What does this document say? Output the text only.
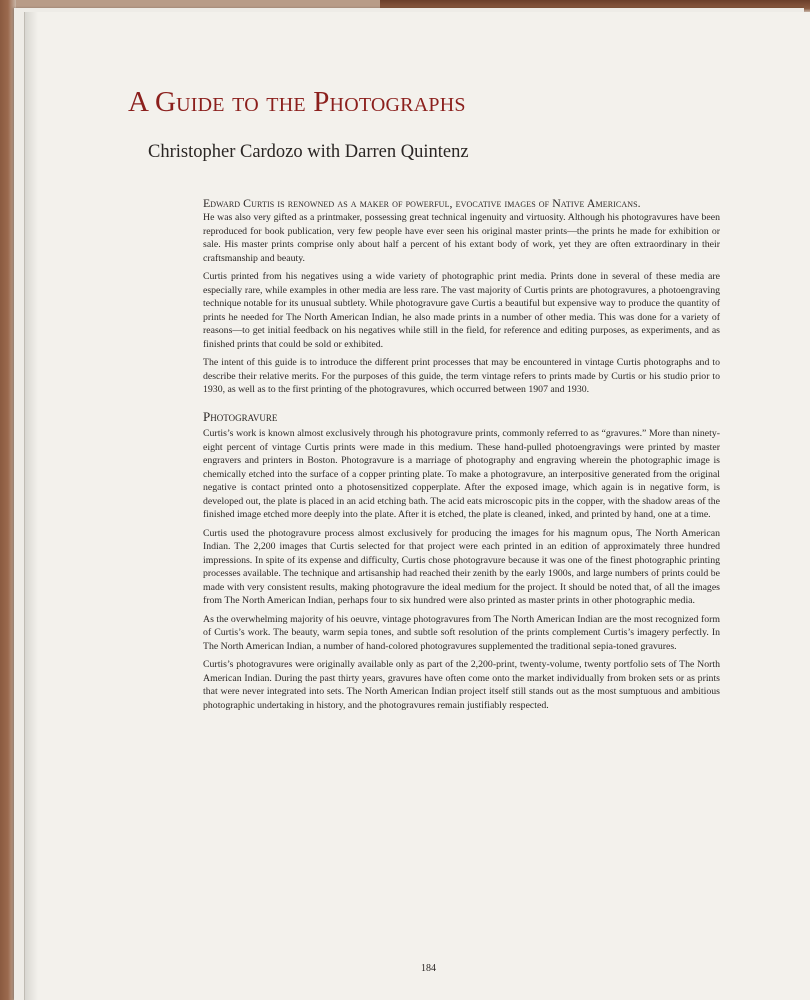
A Guide to the Photographs
Christopher Cardozo with Darren Quintenz

Edward Curtis is renowned as a maker of powerful, evocative images of Native Americans.

He was also very gifted as a printmaker, possessing great technical ingenuity and virtuosity. Although his photogravures have been reproduced for book publication, very few people have ever seen his original master prints—the prints he made for exhibition or sale. His master prints comprise only about half a percent of his extant body of work, yet they are often extraordinary in their craftsmanship and beauty.

Curtis printed from his negatives using a wide variety of photographic print media. Prints done in several of these media are especially rare, while examples in other media are less rare. The vast majority of Curtis prints are photogravures, a photoengraving technique notable for its unusual subtlety. While photogravure gave Curtis a beautiful but expensive way to produce the quantity of prints he needed for The North American Indian, he also made prints in a number of other media. This was done for a variety of reasons—to get initial feedback on his negatives while still in the field, for reference and editing purposes, as experiments, and as finished prints that could be sold or exhibited.

The intent of this guide is to introduce the different print processes that may be encountered in vintage Curtis photographs and to describe their relative merits. For the purposes of this guide, the term vintage refers to prints made by Curtis or his studio prior to 1930, as well as to the first printing of the photogravures, which occurred between 1907 and 1930.

Photogravure

Curtis’s work is known almost exclusively through his photogravure prints, commonly referred to as “gravures.” More than ninety-eight percent of vintage Curtis prints were made in this medium. These hand-pulled photoengravings were printed by master engravers and printers in Boston. Photogravure is a marriage of photography and engraving wherein the photographic image is chemically etched into the surface of a copper printing plate. To make a photogravure, an interpositive generated from the original negative is contact printed onto a photosensitized copperplate. After the exposed image, which again is in negative form, is developed out, the plate is placed in an acid etching bath. The acid eats microscopic pits in the copper, with the shadow areas of the finished image etched more deeply into the plate. After it is etched, the plate is cleaned, inked, and printed by hand, one at a time.

Curtis used the photogravure process almost exclusively for producing the images for his magnum opus, The North American Indian. The 2,200 images that Curtis selected for that project were each printed in an edition of approximately three hundred impressions. In spite of its expense and difficulty, Curtis chose photogravure because it was one of the finest photographic printing processes available. The technique and artisanship had reached their zenith by the early 1900s, and large numbers of prints could be made with very consistent results, making photogravure the ideal medium for the project. It should be noted that, of all the images from The North American Indian, perhaps four to six hundred were also printed as master prints in other photographic media.

As the overwhelming majority of his oeuvre, vintage photogravures from The North American Indian are the most recognized form of Curtis’s work. The beauty, warm sepia tones, and subtle soft resolution of the prints complement Curtis’s imagery perfectly. In The North American Indian, a number of hand-colored photogravures supplemented the traditional sepia-toned gravures.

Curtis’s photogravures were originally available only as part of the 2,200-print, twenty-volume, twenty portfolio sets of The North American Indian. During the past thirty years, gravures have often come onto the market individually from broken sets or as prints that were never integrated into sets. The North American Indian project itself still stands out as the most sumptuous and ambitious photographic undertaking in history, and the photogravures remain justifiably respected.

184
